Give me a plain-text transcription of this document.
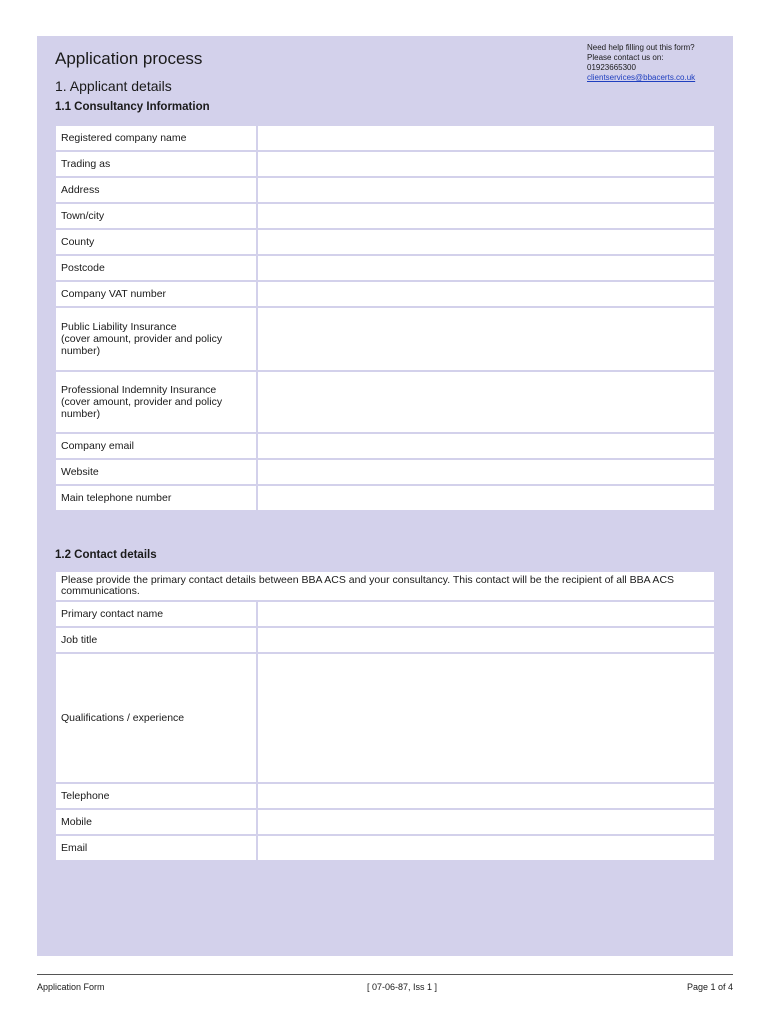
Application process
1. Applicant details
1.1 Consultancy Information
Need help filling out this form?
Please contact us on:
01923665300
clientservices@bbacerts.co.uk
Registered company name	
Trading as	
Address	
Town/city	
County	
Postcode	
Company VAT number	
Public Liability Insurance
(cover amount, provider and policy number)	
Professional Indemnity Insurance
(cover amount, provider and policy number)	
Company email	
Website	
Main telephone number	
1.2 Contact details
Please provide the primary contact details between BBA ACS and your consultancy. This contact will be the recipient of all BBA ACS communications.	
Primary contact name	
Job title	
Qualifications / experience	
Telephone	
Mobile	
Email	
Application Form	[ 07-06-87, Iss 1 ]	Page 1 of 4
